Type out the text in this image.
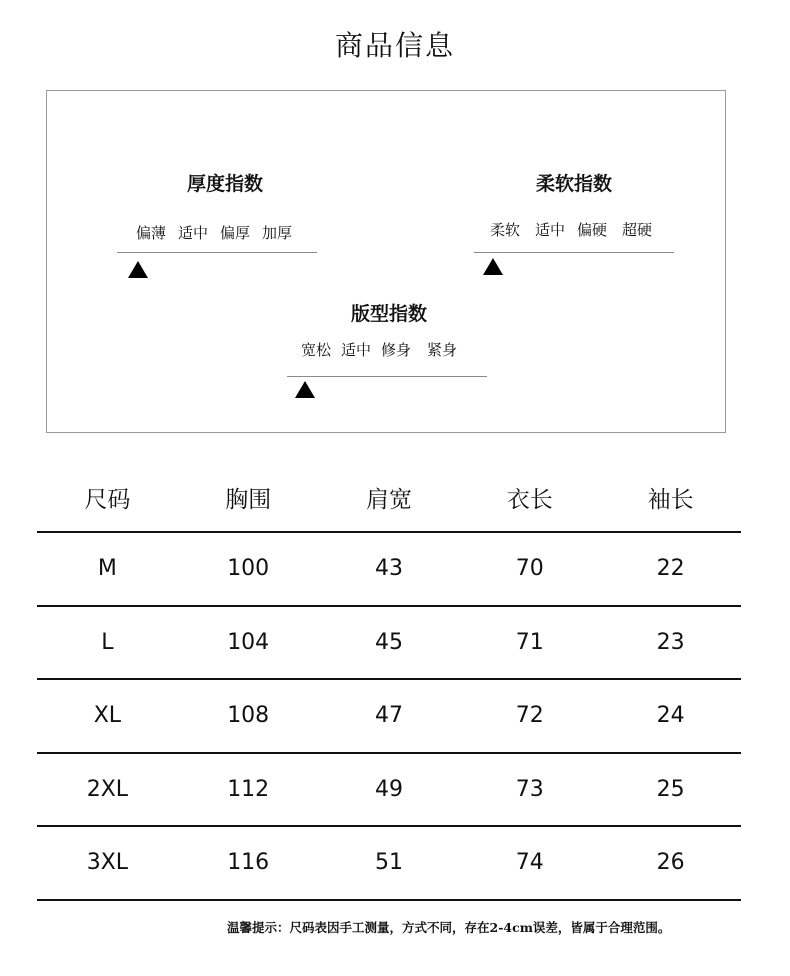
商品信息
厚度指数
偏薄 适中 偏厚 加厚
柔软指数
柔软 适中 偏硬 超硬
版型指数
宽松 适中 修身 紧身
尺码	胸围	肩宽	衣长	袖长
M	100	43	70	22
L	104	45	71	23
XL	108	47	72	24
2XL	112	49	73	25
3XL	116	51	74	26
温馨提示：尺码表因手工测量，方式不同，存在2-4cm误差，皆属于合理范围。
